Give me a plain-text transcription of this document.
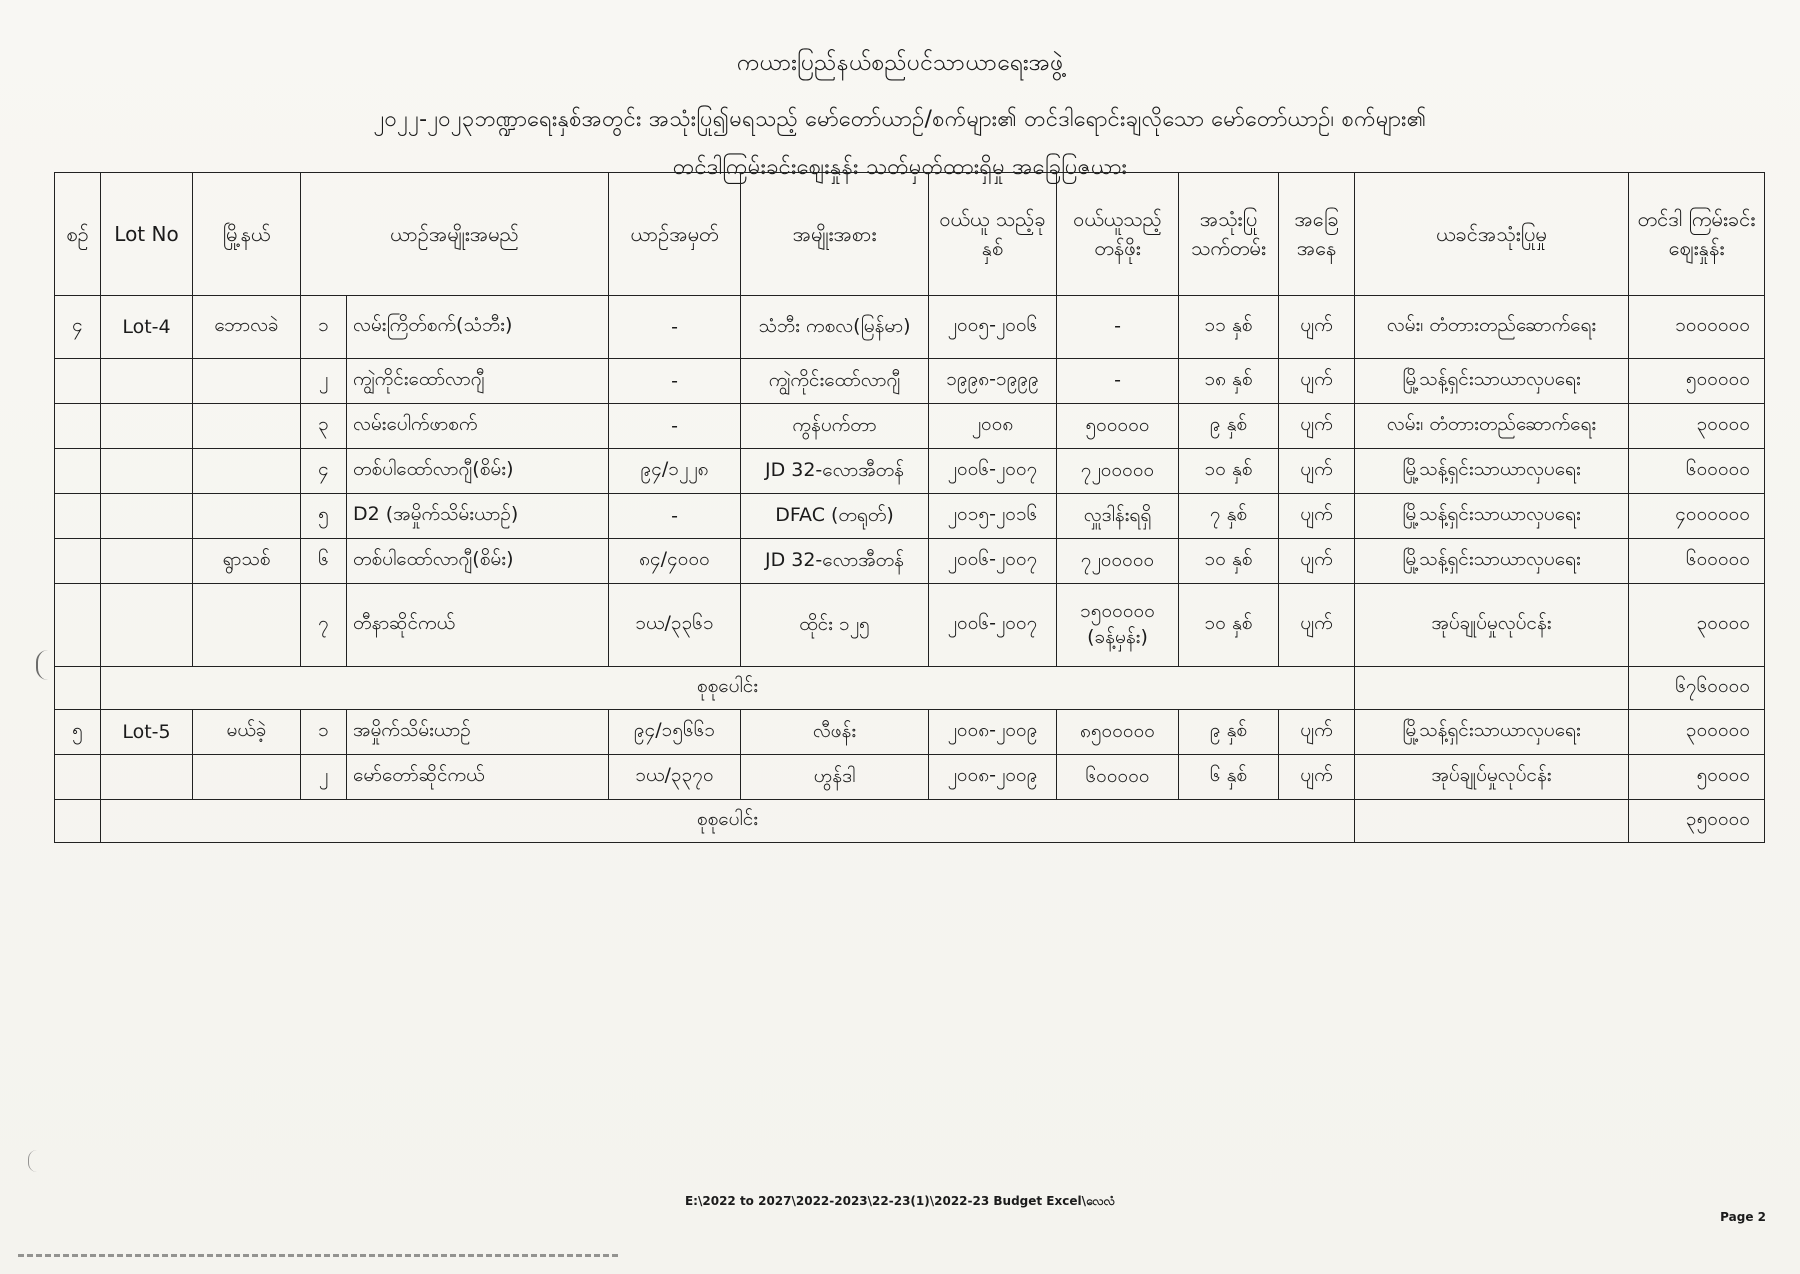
ကယားပြည်နယ်စည်ပင်သာယာရေးအဖွဲ့
၂၀၂၂-၂၀၂၃ဘဏ္ဍာရေးနှစ်အတွင်း အသုံးပြု၍မရသည့် မော်တော်ယာဉ်/စက်များ၏ တင်ဒါရောင်းချလိုသော မော်တော်ယာဉ်၊ စက်များ၏
တင်ဒါကြမ်းခင်းဈေးနှုန်း သတ်မှတ်ထားရှိမှု အခြေပြဇယား
စဉ်	Lot No	မြို့နယ်	ယာဉ်အမျိုးအမည်		ယာဉ်အမှတ်	အမျိုးအစား	ဝယ်ယူ သည့်ခုနှစ်	ဝယ်ယူသည့် တန်ဖိုး	အသုံးပြု သက်တမ်း	အခြေ အနေ	ယခင်အသုံးပြုမှု	တင်ဒါ ကြမ်းခင်း ဈေးနှုန်း
၄	Lot-4	ဘောလခဲ	၁	လမ်းကြိတ်စက်(သံဘီး)	-	သံဘီး ကစလ(မြန်မာ)	၂၀၀၅-၂၀၀၆	-	၁၁ နှစ်	ပျက်	လမ်း၊ တံတားတည်ဆောက်ရေး	၁၀၀၀၀၀၀
			၂	ကျွဲကိုင်းထော်လာဂျီ	-	ကျွဲကိုင်းထော်လာဂျီ	၁၉၉၈-၁၉၉၉	-	၁၈ နှစ်	ပျက်	မြို့သန့်ရှင်းသာယာလှပရေး	၅၀၀၀၀၀
			၃	လမ်းပေါက်ဖာစက်	-	ကွန်ပက်တာ	၂၀၀၈	၅၀၀၀၀၀	၉ နှစ်	ပျက်	လမ်း၊ တံတားတည်ဆောက်ရေး	၃၀၀၀၀
			၄	တစ်ပါထော်လာဂျီ(စိမ်း)	၉၄/၁၂၂၈	JD 32-လောအီတန်	၂၀၀၆-၂၀၀၇	၇၂၀၀၀၀၀	၁၀ နှစ်	ပျက်	မြို့သန့်ရှင်းသာယာလှပရေး	၆၀၀၀၀၀
			၅	D2 (အမှိုက်သိမ်းယာဉ်)	-	DFAC (တရုတ်)	၂၀၁၅-၂၀၁၆	လှူဒါန်းရရှိ	၇ နှစ်	ပျက်	မြို့သန့်ရှင်းသာယာလှပရေး	၄၀၀၀၀၀၀
		ရွာသစ်	၆	တစ်ပါထော်လာဂျီ(စိမ်း)	၈၄/၄၀၀၀	JD 32-လောအီတန်	၂၀၀၆-၂၀၀၇	၇၂၀၀၀၀၀	၁၀ နှစ်	ပျက်	မြို့သန့်ရှင်းသာယာလှပရေး	၆၀၀၀၀၀
			၇	တီနာဆိုင်ကယ်	၁ယ/၃၃၆၁	ထိုင်း ၁၂၅	၂၀၀၆-၂၀၀၇	၁၅၀၀၀၀၀ (ခန့်မှန်း)	၁၀ နှစ်	ပျက်	အုပ်ချုပ်မှုလုပ်ငန်း	၃၀၀၀၀
	စုစုပေါင်း											၆၇၆၀၀၀၀
၅	Lot-5	မယ်ခဲ့	၁	အမှိုက်သိမ်းယာဉ်	၉၄/၁၅၆၆၁	လီဖန်း	၂၀၀၈-၂၀၀၉	၈၅၀၀၀၀၀	၉ နှစ်	ပျက်	မြို့သန့်ရှင်းသာယာလှပရေး	၃၀၀၀၀၀
			၂	မော်တော်ဆိုင်ကယ်	၁ယ/၃၃၇၀	ဟွန်ဒါ	၂၀၀၈-၂၀၀၉	၆၀၀၀၀၀	၆ နှစ်	ပျက်	အုပ်ချုပ်မှုလုပ်ငန်း	၅၀၀၀၀
	စုစုပေါင်း											၃၅၀၀၀၀
E:\2022 to 2027\2022-2023\22-23(1)\2022-23 Budget Excel\လေလံ
Page 2
